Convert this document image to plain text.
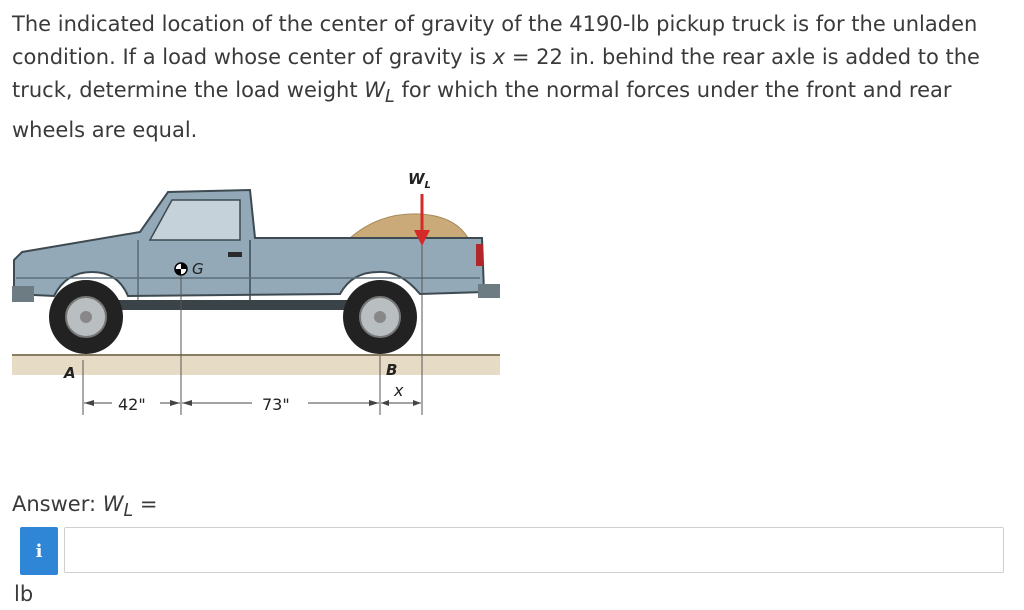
The indicated location of the center of gravity of the 4190-lb pickup truck is for the unladen condition. If a load whose center of gravity is x = 22 in. behind the rear axle is added to the truck, determine the load weight $W_L$ for which the normal forces under the front and rear wheels are equal.

G
$W_L$
A	B
42"	73"
x
Answer: $W_L$ =
i
lb
